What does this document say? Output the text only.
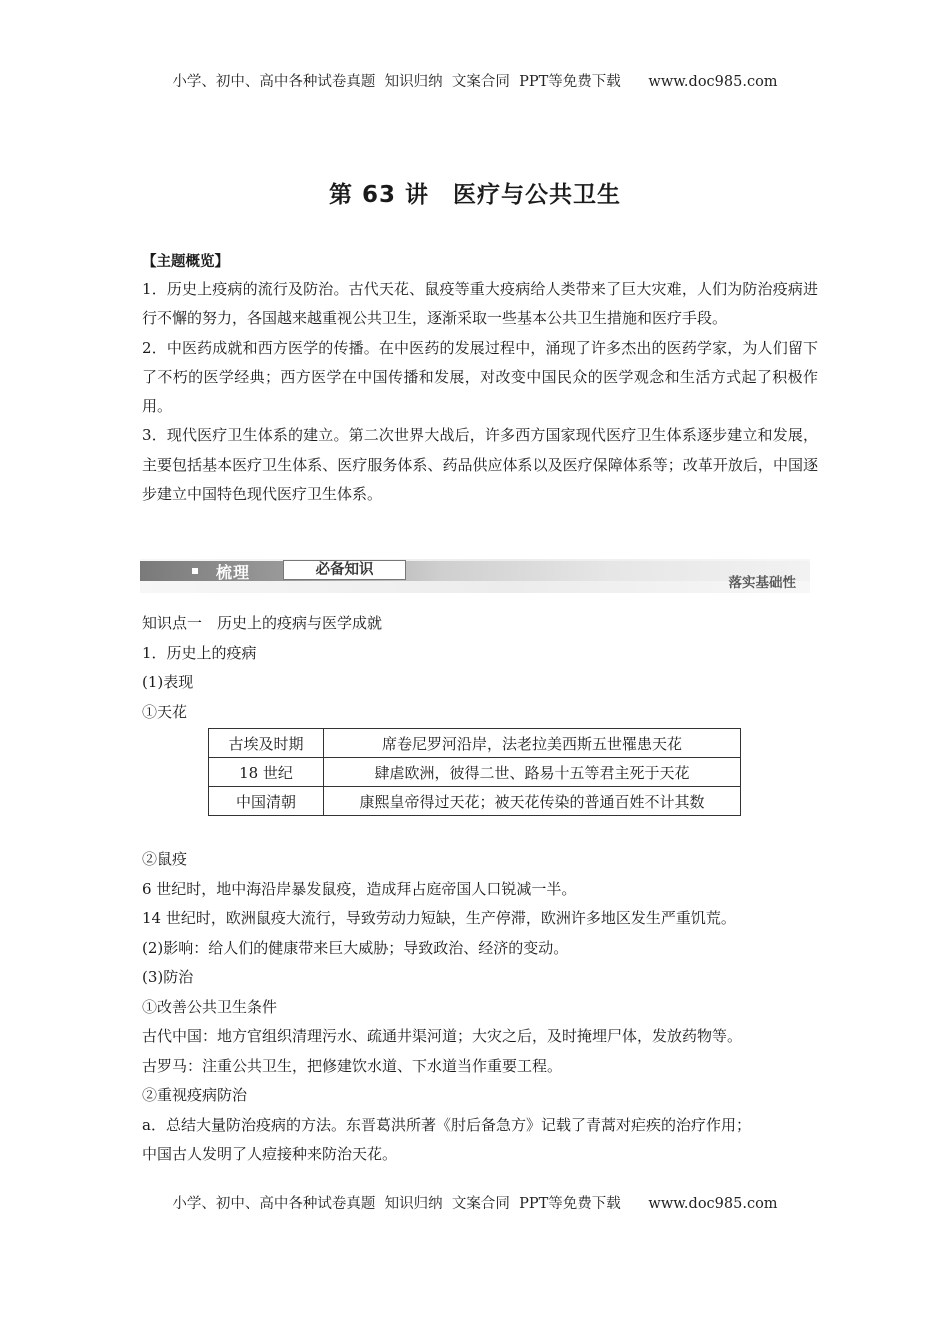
小学、初中、高中各种试卷真题  知识归纳  文案合同  PPT等免费下载      www.doc985.com
第 63 讲　医疗与公共卫生
【主题概览】
1．历史上疫病的流行及防治。古代天花、鼠疫等重大疫病给人类带来了巨大灾难，人们为防治疫病进行不懈的努力，各国越来越重视公共卫生，逐渐采取一些基本公共卫生措施和医疗手段。
2．中医药成就和西方医学的传播。在中医药的发展过程中，涌现了许多杰出的医药学家，为人们留下了不朽的医学经典；西方医学在中国传播和发展，对改变中国民众的医学观念和生活方式起了积极作用。
3．现代医疗卫生体系的建立。第二次世界大战后，许多西方国家现代医疗卫生体系逐步建立和发展，主要包括基本医疗卫生体系、医疗服务体系、药品供应体系以及医疗保障体系等；改革开放后，中国逐步建立中国特色现代医疗卫生体系。
梳理	必备知识
落实基础性
知识点一　历史上的疫病与医学成就
1．历史上的疫病
(1)表现
①天花
古埃及时期	席卷尼罗河沿岸，法老拉美西斯五世罹患天花
18 世纪	肆虐欧洲，彼得二世、路易十五等君主死于天花
中国清朝	康熙皇帝得过天花；被天花传染的普通百姓不计其数
②鼠疫
6 世纪时，地中海沿岸暴发鼠疫，造成拜占庭帝国人口锐减一半。
14 世纪时，欧洲鼠疫大流行，导致劳动力短缺，生产停滞，欧洲许多地区发生严重饥荒。
(2)影响：给人们的健康带来巨大威胁；导致政治、经济的变动。
(3)防治
①改善公共卫生条件
古代中国：地方官组织清理污水、疏通井渠河道；大灾之后，及时掩埋尸体，发放药物等。
古罗马：注重公共卫生，把修建饮水道、下水道当作重要工程。
②重视疫病防治
a．总结大量防治疫病的方法。东晋葛洪所著《肘后备急方》记载了青蒿对疟疾的治疗作用；
中国古人发明了人痘接种来防治天花。
小学、初中、高中各种试卷真题  知识归纳  文案合同  PPT等免费下载      www.doc985.com
